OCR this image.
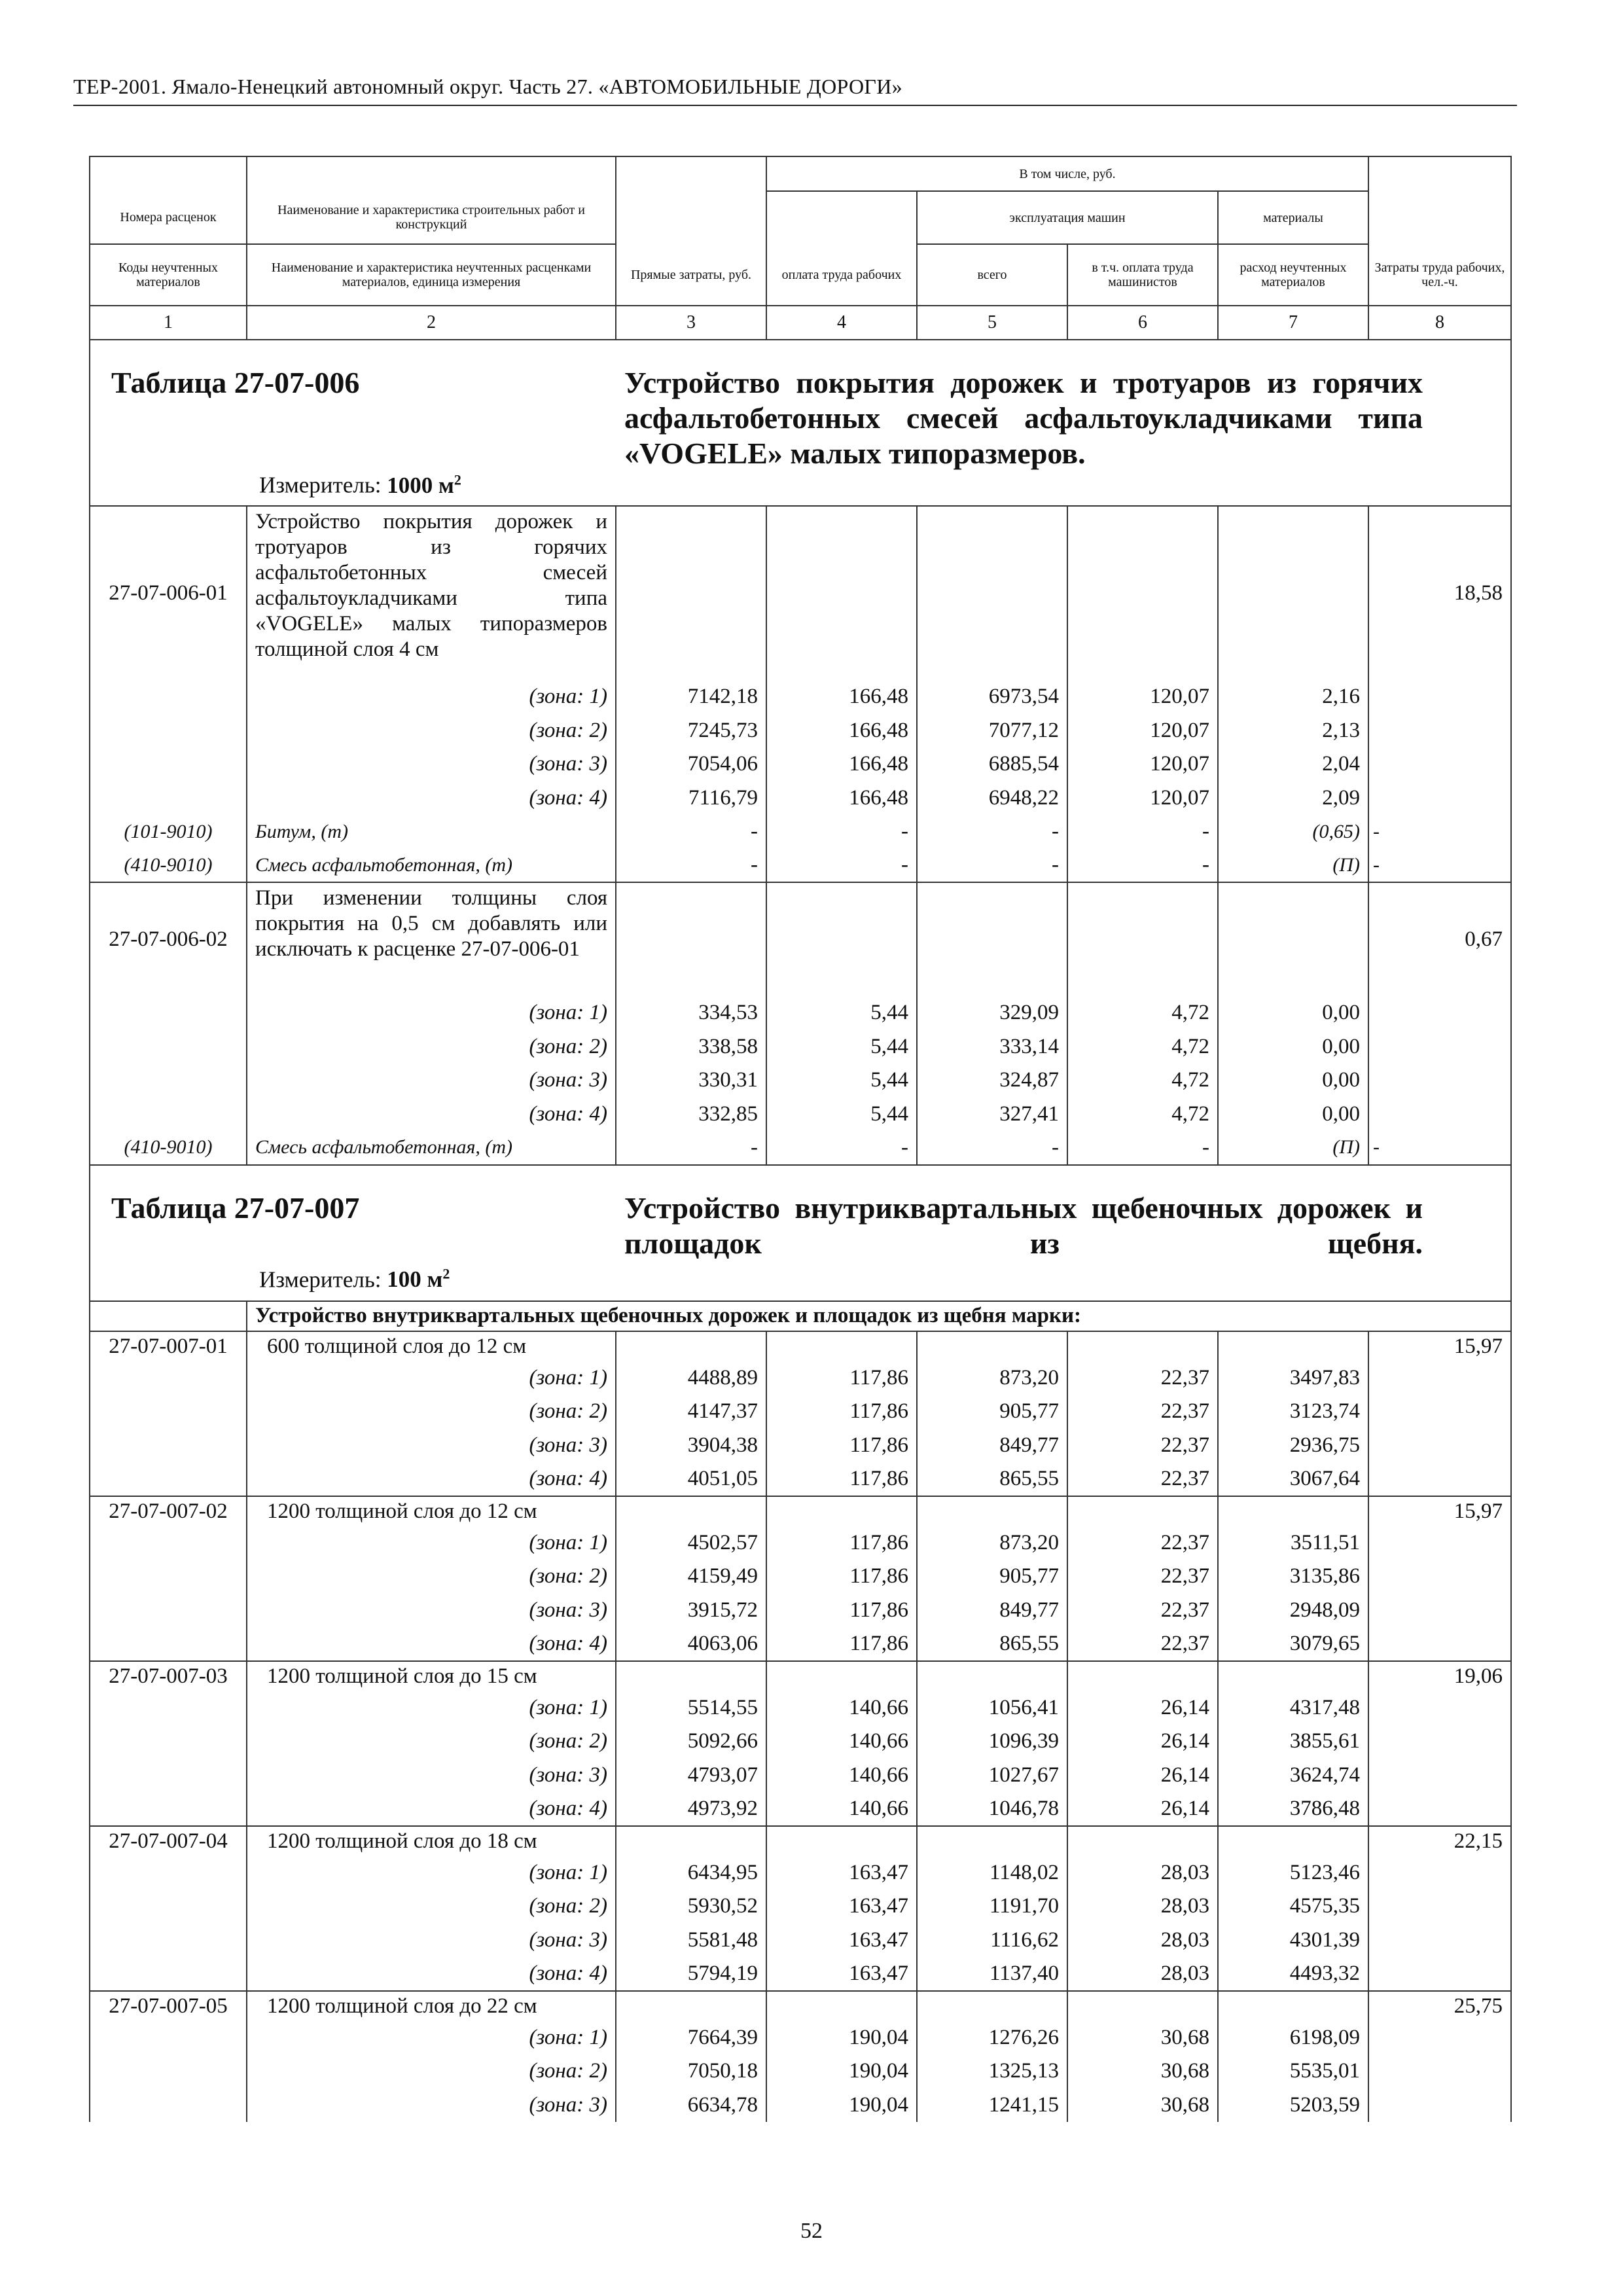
ТЕР-2001. Ямало-Ненецкий автономный округ. Часть 27. «АВТОМОБИЛЬНЫЕ ДОРОГИ»
			В том числе, руб.				
Номера расценок	Наименование и характеристика строительных работ и конструкций			эксплуатация машин		материалы	
Коды неучтенных материалов	Наименование и характеристика неучтенных расценками материалов, единица измерения	Прямые затраты, руб.	оплата труда рабочих	всего	в т.ч. оплата труда машинистов	расход неучтенных материалов	Затраты труда рабочих, чел.-ч.
1	2	3	4	5	6	7	8

Таблица 27-07-006 Устройство покрытия дорожек и тротуаров из горячих асфальтобетонных смесей асфальтоукладчиками типа «VOGELE» малых типоразмеров.
Измеритель: 1000 $м^2$

27-07-006-01	Устройство покрытия дорожек и тротуаров из горячих асфальтобетонных смесей асфальтоукладчиками типа «VOGELE» малых типоразмеров толщиной слоя 4 см						18,58
	(зона: 1)	7142,18	166,48	6973,54	120,07	2,16	
	(зона: 2)	7245,73	166,48	7077,12	120,07	2,13	
	(зона: 3)	7054,06	166,48	6885,54	120,07	2,04	
	(зона: 4)	7116,79	166,48	6948,22	120,07	2,09	
(101-9010)	Битум, (т)	-	-	-	-	(0,65)	-
(410-9010)	Смесь асфальтобетонная, (т)	-	-	-	-	(П)	-
27-07-006-02	При изменении толщины слоя покрытия на 0,5 см добавлять или исключать к расценке 27-07-006-01						0,67
	(зона: 1)	334,53	5,44	329,09	4,72	0,00	
	(зона: 2)	338,58	5,44	333,14	4,72	0,00	
	(зона: 3)	330,31	5,44	324,87	4,72	0,00	
	(зона: 4)	332,85	5,44	327,41	4,72	0,00	
(410-9010)	Смесь асфальтобетонная, (т)	-	-	-	-	(П)	-

Таблица 27-07-007 Устройство внутриквартальных щебеночных дорожек и площадок из щебня.
Измеритель: 100 $м^2$

	Устройство внутриквартальных щебеночных дорожек и площадок из щебня марки:						
27-07-007-01	600 толщиной слоя до 12 см						15,97
	(зона: 1)	4488,89	117,86	873,20	22,37	3497,83	
	(зона: 2)	4147,37	117,86	905,77	22,37	3123,74	
	(зона: 3)	3904,38	117,86	849,77	22,37	2936,75	
	(зона: 4)	4051,05	117,86	865,55	22,37	3067,64	
27-07-007-02	1200 толщиной слоя до 12 см						15,97
	(зона: 1)	4502,57	117,86	873,20	22,37	3511,51	
	(зона: 2)	4159,49	117,86	905,77	22,37	3135,86	
	(зона: 3)	3915,72	117,86	849,77	22,37	2948,09	
	(зона: 4)	4063,06	117,86	865,55	22,37	3079,65	
27-07-007-03	1200 толщиной слоя до 15 см						19,06
	(зона: 1)	5514,55	140,66	1056,41	26,14	4317,48	
	(зона: 2)	5092,66	140,66	1096,39	26,14	3855,61	
	(зона: 3)	4793,07	140,66	1027,67	26,14	3624,74	
	(зона: 4)	4973,92	140,66	1046,78	26,14	3786,48	
27-07-007-04	1200 толщиной слоя до 18 см						22,15
	(зона: 1)	6434,95	163,47	1148,02	28,03	5123,46	
	(зона: 2)	5930,52	163,47	1191,70	28,03	4575,35	
	(зона: 3)	5581,48	163,47	1116,62	28,03	4301,39	
	(зона: 4)	5794,19	163,47	1137,40	28,03	4493,32	
27-07-007-05	1200 толщиной слоя до 22 см						25,75
	(зона: 1)	7664,39	190,04	1276,26	30,68	6198,09	
	(зона: 2)	7050,18	190,04	1325,13	30,68	5535,01	
	(зона: 3)	6634,78	190,04	1241,15	30,68	5203,59	
52
